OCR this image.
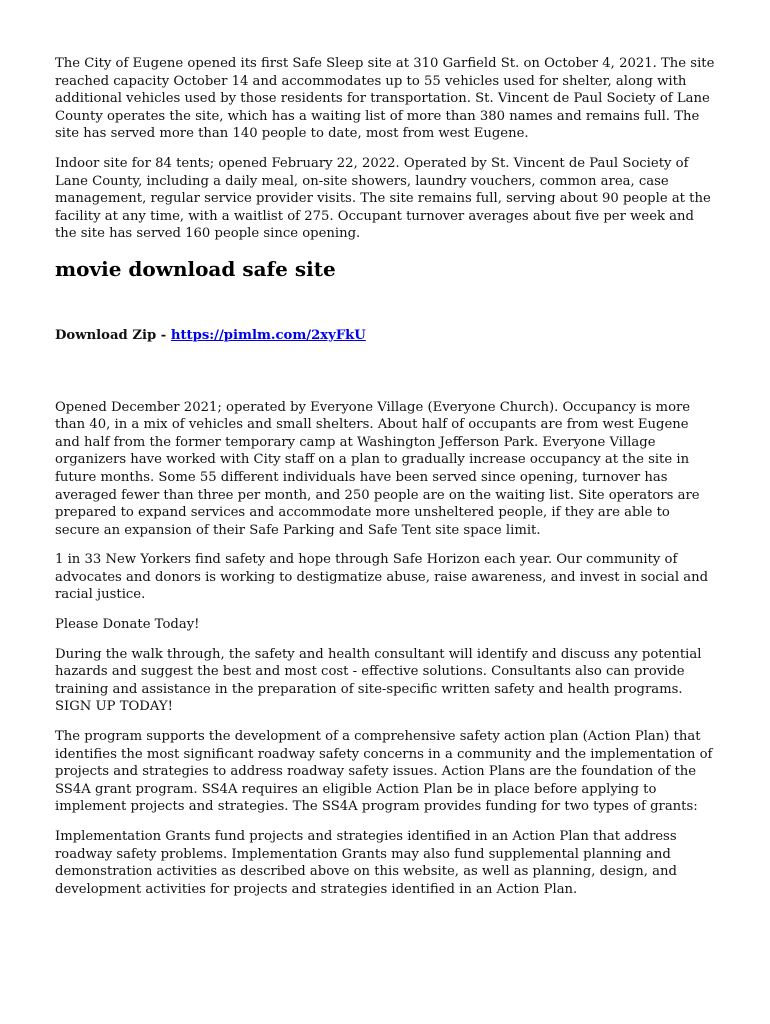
The City of Eugene opened its first Safe Sleep site at 310 Garfield St. on October 4, 2021. The site reached capacity October 14 and accommodates up to 55 vehicles used for shelter, along with additional vehicles used by those residents for transportation. St. Vincent de Paul Society of Lane County operates the site, which has a waiting list of more than 380 names and remains full. The site has served more than 140 people to date, most from west Eugene.

Indoor site for 84 tents; opened February 22, 2022. Operated by St. Vincent de Paul Society of Lane County, including a daily meal, on-site showers, laundry vouchers, common area, case management, regular service provider visits. The site remains full, serving about 90 people at the facility at any time, with a waitlist of 275. Occupant turnover averages about five per week and the site has served 160 people since opening.

movie download safe site
Download Zip - https://pimlm.com/2xyFkU

Opened December 2021; operated by Everyone Village (Everyone Church). Occupancy is more than 40, in a mix of vehicles and small shelters. About half of occupants are from west Eugene and half from the former temporary camp at Washington Jefferson Park. Everyone Village organizers have worked with City staff on a plan to gradually increase occupancy at the site in future months. Some 55 different individuals have been served since opening, turnover has averaged fewer than three per month, and 250 people are on the waiting list. Site operators are prepared to expand services and accommodate more unsheltered people, if they are able to secure an expansion of their Safe Parking and Safe Tent site space limit.

1 in 33 New Yorkers find safety and hope through Safe Horizon each year. Our community of advocates and donors is working to destigmatize abuse, raise awareness, and invest in social and racial justice.

Please Donate Today!

During the walk through, the safety and health consultant will identify and discuss any potential hazards and suggest the best and most cost - effective solutions. Consultants also can provide training and assistance in the preparation of site-specific written safety and health programs. SIGN UP TODAY!

The program supports the development of a comprehensive safety action plan (Action Plan) that identifies the most significant roadway safety concerns in a community and the implementation of projects and strategies to address roadway safety issues. Action Plans are the foundation of the SS4A grant program. SS4A requires an eligible Action Plan be in place before applying to implement projects and strategies. The SS4A program provides funding for two types of grants:

Implementation Grants fund projects and strategies identified in an Action Plan that address roadway safety problems. Implementation Grants may also fund supplemental planning and demonstration activities as described above on this website, as well as planning, design, and development activities for projects and strategies identified in an Action Plan.
